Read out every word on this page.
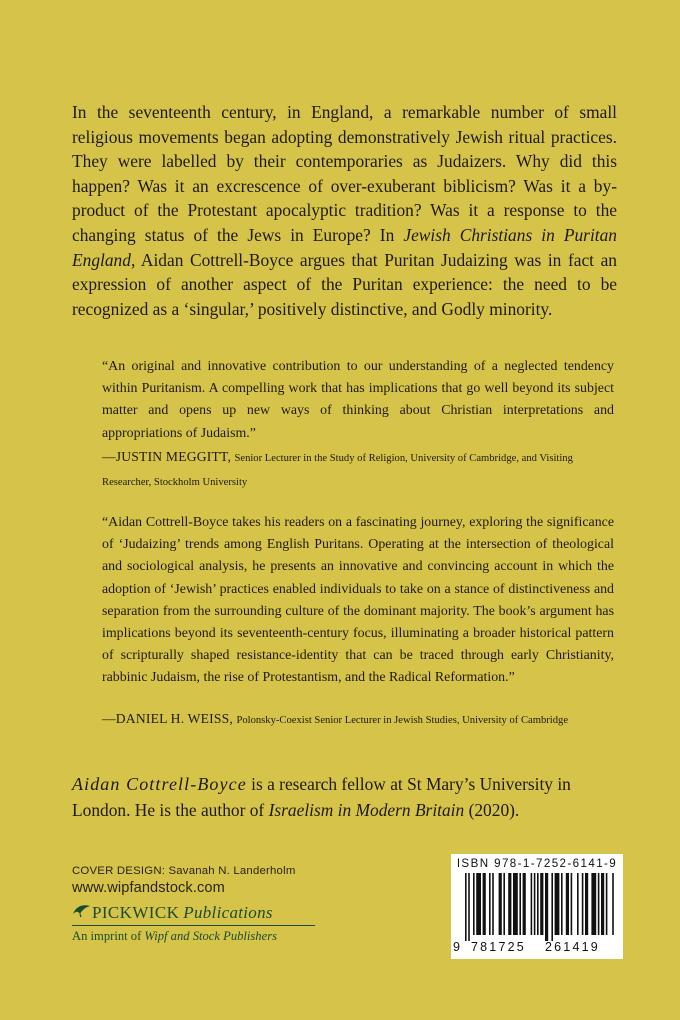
In the seventeenth century, in England, a remarkable number of small religious movements began adopting demonstratively Jewish ritual practices. They were labelled by their contemporaries as Judaizers. Why did this happen? Was it an excrescence of over-exuberant biblicism? Was it a by-product of the Protestant apocalyptic tradition? Was it a response to the changing status of the Jews in Europe? In Jewish Christians in Puritan England, Aidan Cottrell-Boyce argues that Puritan Judaizing was in fact an expression of another aspect of the Puritan experience: the need to be recognized as a ‘singular,’ positively distinctive, and Godly minority.

“An original and innovative contribution to our understanding of a neglected tendency within Puritanism. A compelling work that has implications that go well beyond its subject matter and opens up new ways of thinking about Christian interpretations and appropriations of Judaism.”

—JUSTIN MEGGITT, Senior Lecturer in the Study of Religion, University of Cambridge, and Visiting Researcher, Stockholm University

“Aidan Cottrell-Boyce takes his readers on a fascinating journey, exploring the significance of ‘Judaizing’ trends among English Puritans. Operating at the intersection of theological and sociological analysis, he presents an innovative and convincing account in which the adoption of ‘Jewish’ practices enabled individuals to take on a stance of distinctiveness and separation from the surrounding culture of the dominant majority. The book’s argument has implications beyond its seventeenth-century focus, illuminating a broader historical pattern of scripturally shaped resistance-identity that can be traced through early Christianity, rabbinic Judaism, the rise of Protestantism, and the Radical Reformation.”

—DANIEL H. WEISS, Polonsky-Coexist Senior Lecturer in Jewish Studies, University of Cambridge

Aidan Cottrell-Boyce is a research fellow at St Mary’s University in London. He is the author of Israelism in Modern Britain (2020).

COVER DESIGN: Savanah N. Landerholm
www.wipfandstock.com
PICKWICK Publications
An imprint of Wipf and Stock Publishers
ISBN 978-1-7252-6141-9
9 781725 261419
